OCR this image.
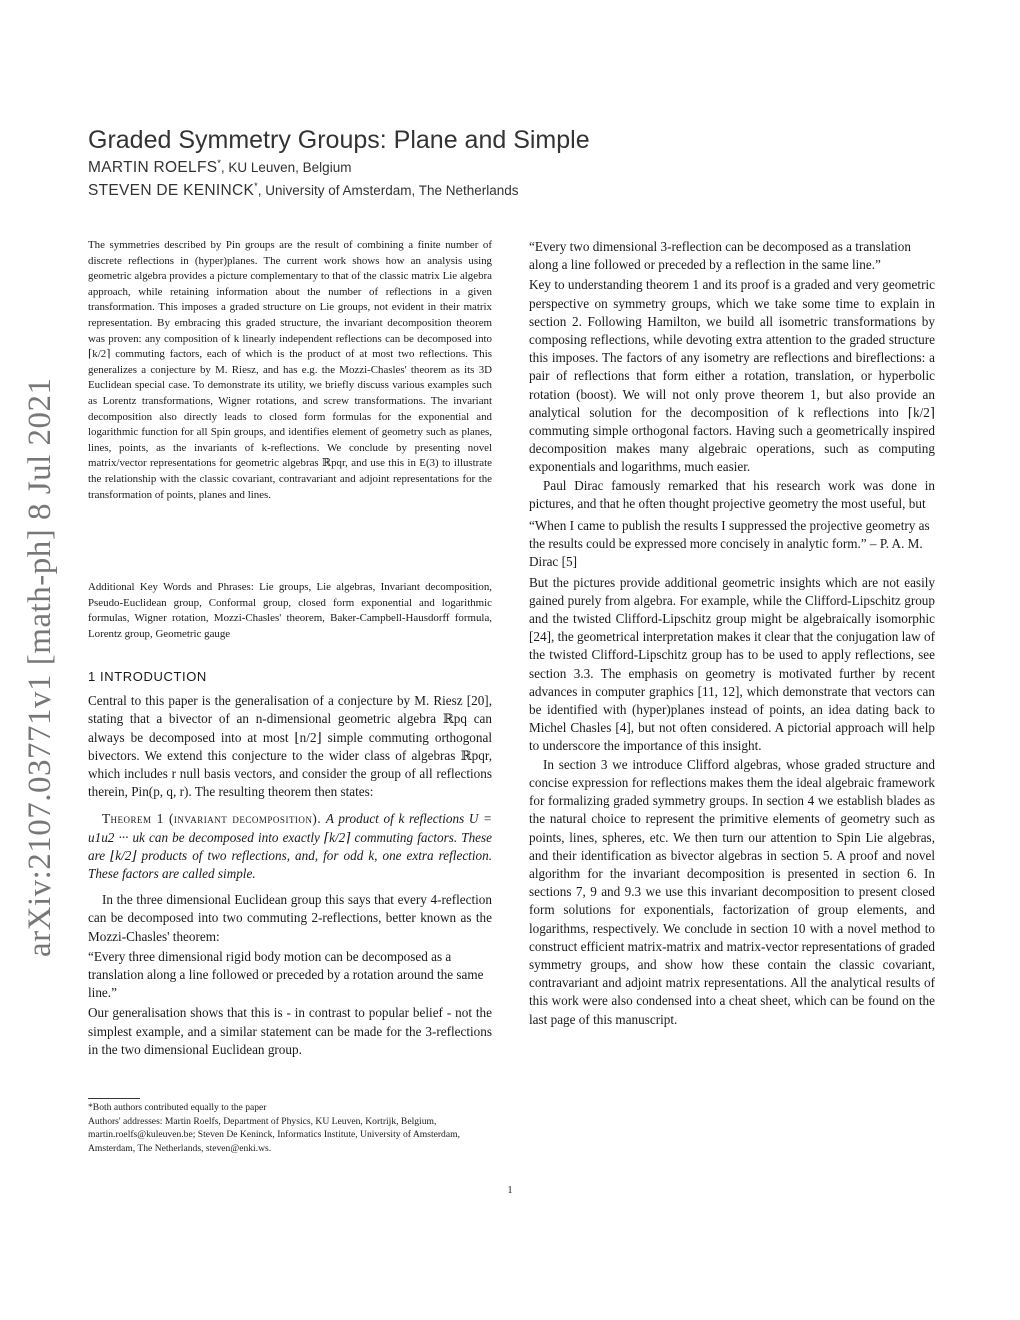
arXiv:2107.03771v1 [math-ph] 8 Jul 2021
Graded Symmetry Groups: Plane and Simple
MARTIN ROELFS*, KU Leuven, Belgium
STEVEN DE KENINCK*, University of Amsterdam, The Netherlands

The symmetries described by Pin groups are the result of combining a finite number of discrete reflections in (hyper)planes. The current work shows how an analysis using geometric algebra provides a picture complementary to that of the classic matrix Lie algebra approach, while retaining information about the number of reflections in a given transformation. This imposes a graded structure on Lie groups, not evident in their matrix representation. By embracing this graded structure, the invariant decomposition theorem was proven: any composition of k linearly independent reflections can be decomposed into ⌈k/2⌉ commuting factors, each of which is the product of at most two reflections. This generalizes a conjecture by M. Riesz, and has e.g. the Mozzi-Chasles' theorem as its 3D Euclidean special case. To demonstrate its utility, we briefly discuss various examples such as Lorentz transformations, Wigner rotations, and screw transformations. The invariant decomposition also directly leads to closed form formulas for the exponential and logarithmic function for all Spin groups, and identifies element of geometry such as planes, lines, points, as the invariants of k-reflections. We conclude by presenting novel matrix/vector representations for geometric algebras ℝpqr, and use this in E(3) to illustrate the relationship with the classic covariant, contravariant and adjoint representations for the transformation of points, planes and lines.

Additional Key Words and Phrases: Lie groups, Lie algebras, Invariant decomposition, Pseudo-Euclidean group, Conformal group, closed form exponential and logarithmic formulas, Wigner rotation, Mozzi-Chasles' theorem, Baker-Campbell-Hausdorff formula, Lorentz group, Geometric gauge

1 INTRODUCTION

Central to this paper is the generalisation of a conjecture by M. Riesz [20], stating that a bivector of an n-dimensional geometric algebra ℝpq can always be decomposed into at most ⌊n/2⌋ simple commuting orthogonal bivectors. We extend this conjecture to the wider class of algebras ℝpqr, which includes r null basis vectors, and consider the group of all reflections therein, Pin(p, q, r). The resulting theorem then states:

Theorem 1 (invariant decomposition). A product of k reflections U = u1u2 ··· uk can be decomposed into exactly ⌈k/2⌉ commuting factors. These are ⌊k/2⌋ products of two reflections, and, for odd k, one extra reflection. These factors are called simple.

In the three dimensional Euclidean group this says that every 4-reflection can be decomposed into two commuting 2-reflections, better known as the Mozzi-Chasles' theorem:

“Every three dimensional rigid body motion can be decomposed as a translation along a line followed or preceded by a rotation around the same line.”

Our generalisation shows that this is - in contrast to popular belief - not the simplest example, and a similar statement can be made for the 3-reflections in the two dimensional Euclidean group.

*Both authors contributed equally to the paper
Authors' addresses: Martin Roelfs, Department of Physics, KU Leuven, Kortrijk, Belgium, martin.roelfs@kuleuven.be; Steven De Keninck, Informatics Institute, University of Amsterdam, Amsterdam, The Netherlands, steven@enki.ws.

“Every two dimensional 3-reflection can be decomposed as a translation along a line followed or preceded by a reflection in the same line.”

Key to understanding theorem 1 and its proof is a graded and very geometric perspective on symmetry groups, which we take some time to explain in section 2. Following Hamilton, we build all isometric transformations by composing reflections, while devoting extra attention to the graded structure this imposes. The factors of any isometry are reflections and bireflections: a pair of reflections that form either a rotation, translation, or hyperbolic rotation (boost). We will not only prove theorem 1, but also provide an analytical solution for the decomposition of k reflections into ⌈k/2⌉ commuting simple orthogonal factors. Having such a geometrically inspired decomposition makes many algebraic operations, such as computing exponentials and logarithms, much easier.

Paul Dirac famously remarked that his research work was done in pictures, and that he often thought projective geometry the most useful, but

“When I came to publish the results I suppressed the projective geometry as the results could be expressed more concisely in analytic form.” – P. A. M. Dirac [5]

But the pictures provide additional geometric insights which are not easily gained purely from algebra. For example, while the Clifford-Lipschitz group and the twisted Clifford-Lipschitz group might be algebraically isomorphic [24], the geometrical interpretation makes it clear that the conjugation law of the twisted Clifford-Lipschitz group has to be used to apply reflections, see section 3.3. The emphasis on geometry is motivated further by recent advances in computer graphics [11, 12], which demonstrate that vectors can be identified with (hyper)planes instead of points, an idea dating back to Michel Chasles [4], but not often considered. A pictorial approach will help to underscore the importance of this insight.

In section 3 we introduce Clifford algebras, whose graded structure and concise expression for reflections makes them the ideal algebraic framework for formalizing graded symmetry groups. In section 4 we establish blades as the natural choice to represent the primitive elements of geometry such as points, lines, spheres, etc. We then turn our attention to Spin Lie algebras, and their identification as bivector algebras in section 5. A proof and novel algorithm for the invariant decomposition is presented in section 6. In sections 7, 9 and 9.3 we use this invariant decomposition to present closed form solutions for exponentials, factorization of group elements, and logarithms, respectively. We conclude in section 10 with a novel method to construct efficient matrix-matrix and matrix-vector representations of graded symmetry groups, and show how these contain the classic covariant, contravariant and adjoint matrix representations. All the analytical results of this work were also condensed into a cheat sheet, which can be found on the last page of this manuscript.

1
